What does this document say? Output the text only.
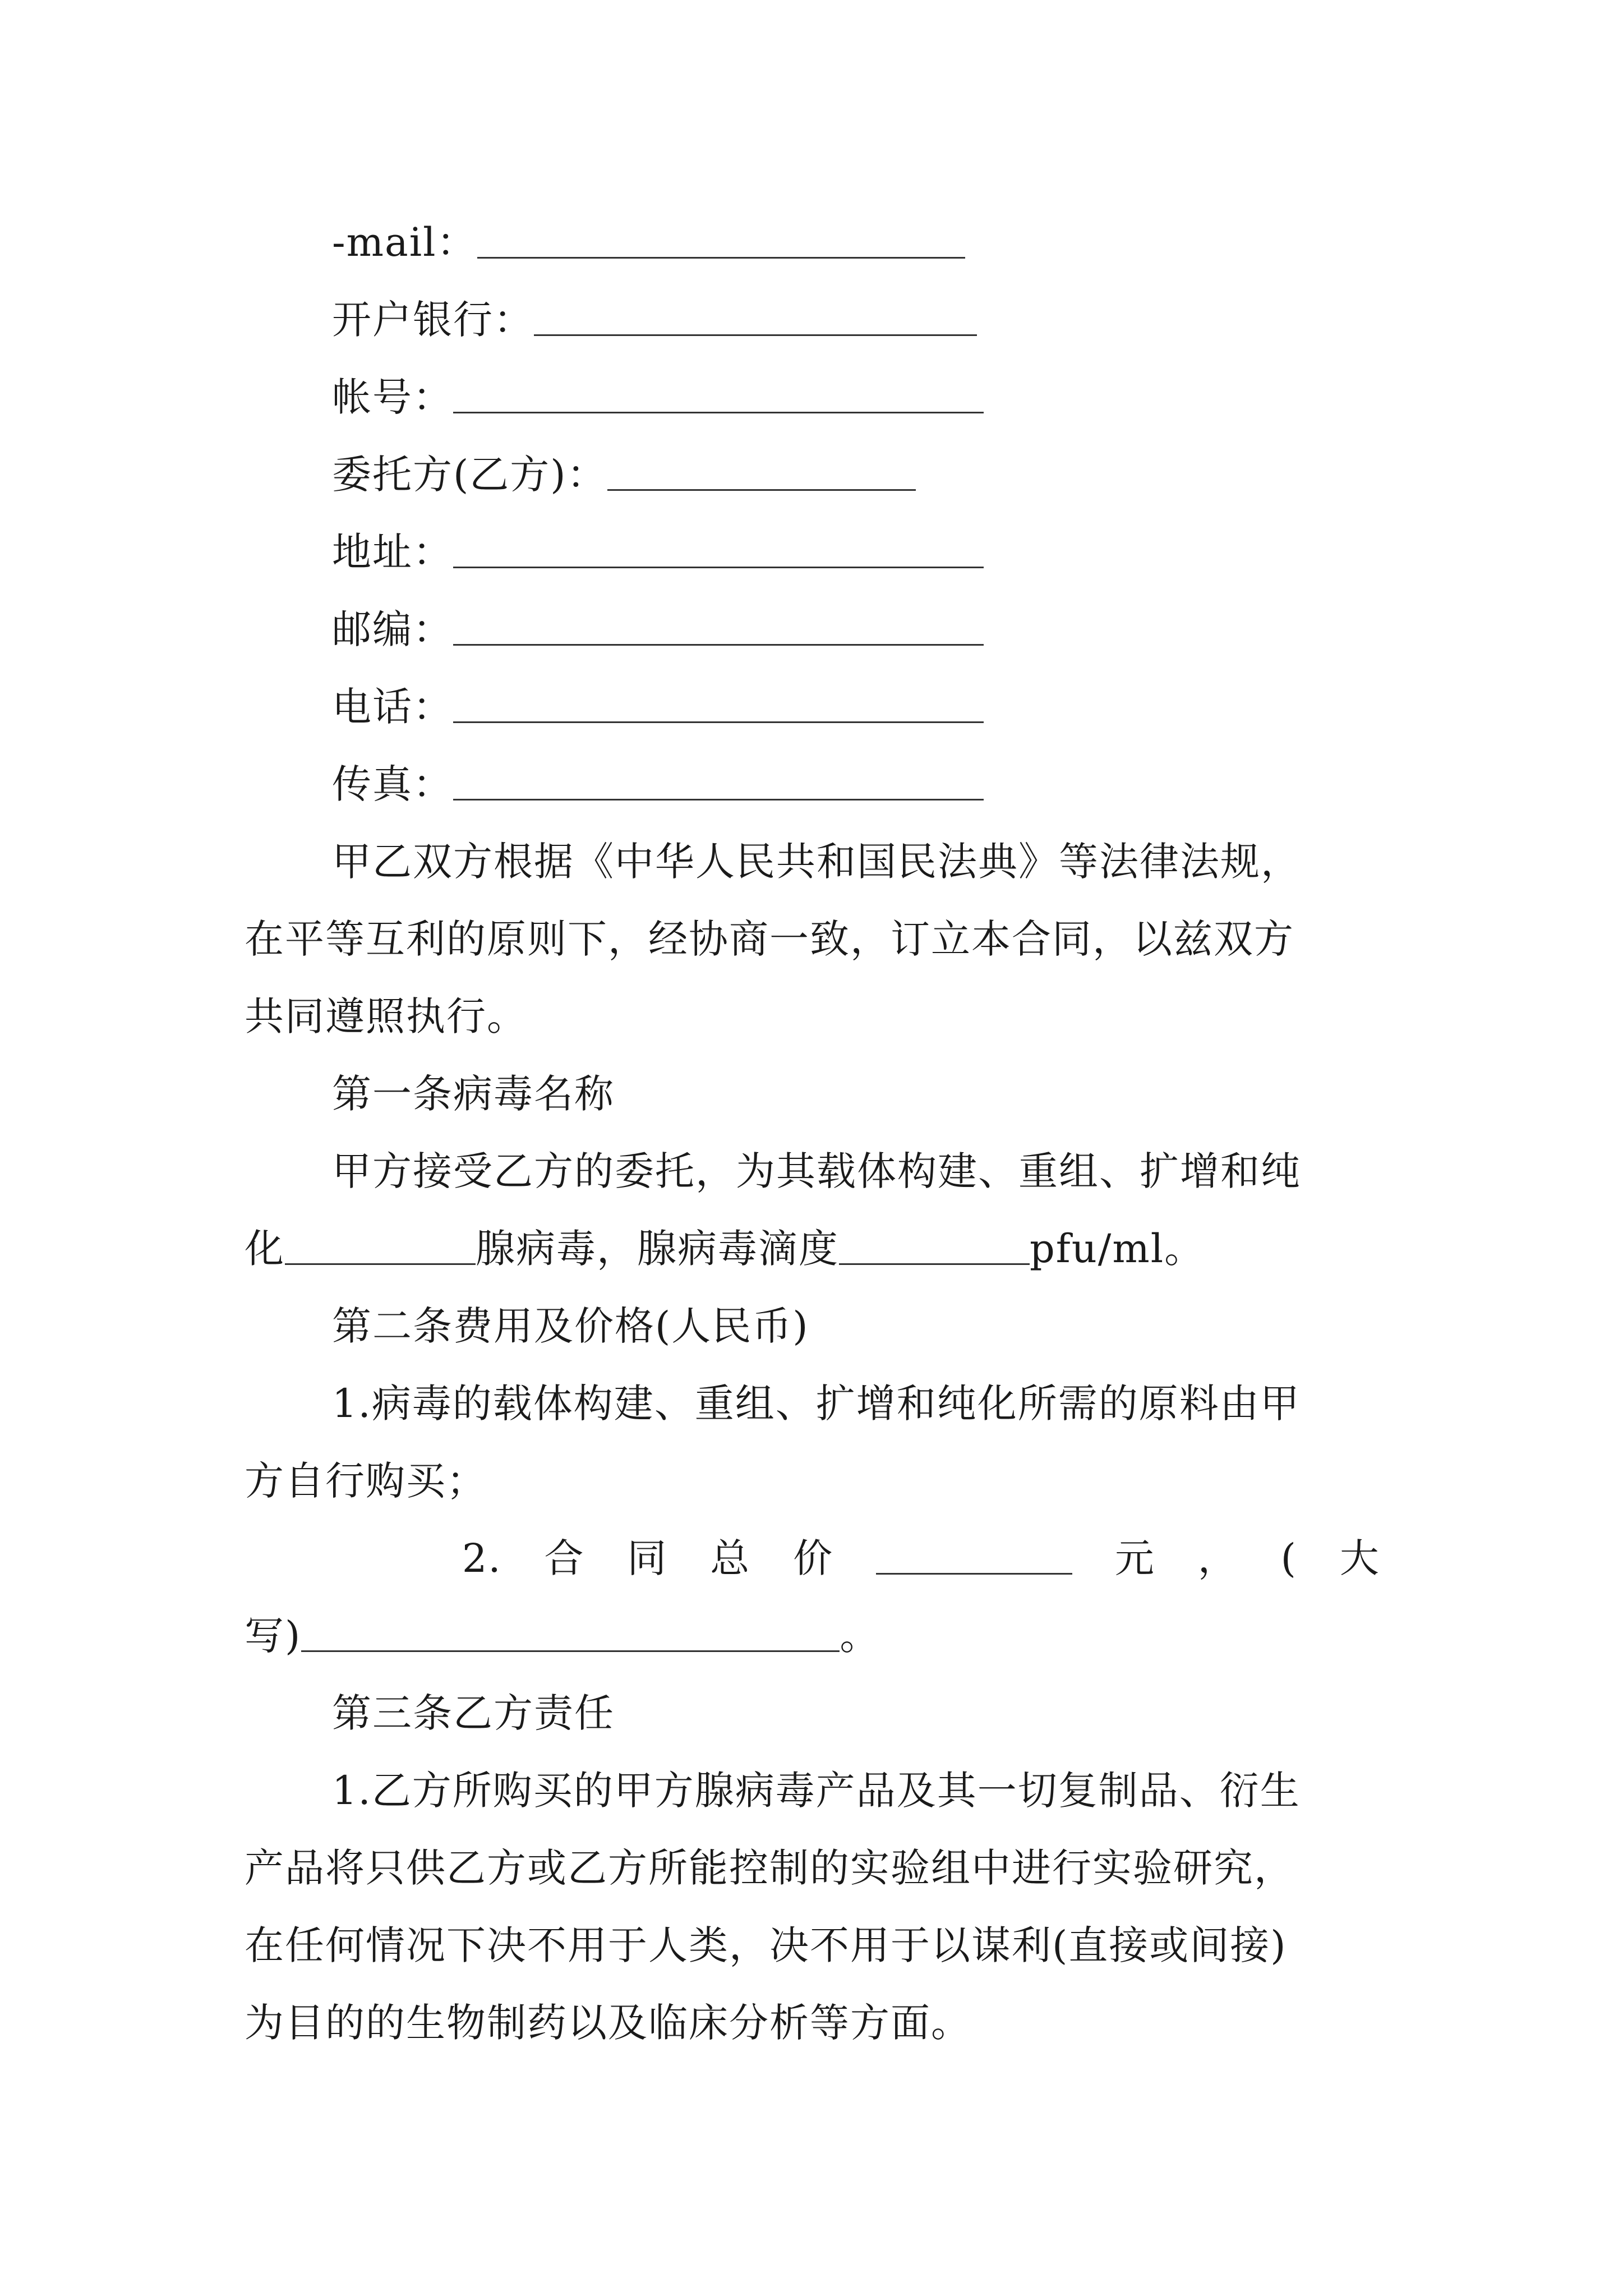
-mail：
开户银行：
帐号：
委托方(乙方)：
地址：
邮编：
电话：
传真：
甲乙双方根据《中华人民共和国民法典》等法律法规，
在平等互利的原则下，经协商一致，订立本合同，以兹双方
共同遵照执行。
第一条病毒名称
甲方接受乙方的委托，为其载体构建、重组、扩增和纯
化	腺病毒，腺病毒滴度	pfu/ml。
第二条费用及价格(人民币)
1.病毒的载体构建、重组、扩增和纯化所需的原料由甲
方自行购买；
2. 合 同 总 价	元 ， ( 大
写)	。
第三条乙方责任
1.乙方所购买的甲方腺病毒产品及其一切复制品、衍生
产品将只供乙方或乙方所能控制的实验组中进行实验研究，
在任何情况下决不用于人类，决不用于以谋利(直接或间接)
为目的的生物制药以及临床分析等方面。
